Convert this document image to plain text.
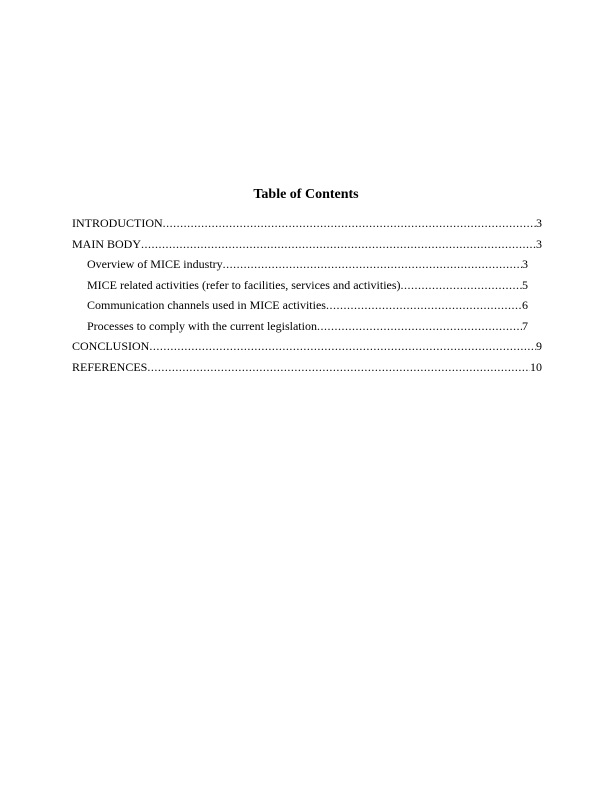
Table of Contents
INTRODUCTION .....	3
MAIN BODY .....	3
Overview of MICE industry .....	3
MICE related activities (refer to facilities, services and activities) .....	5
Communication channels used in MICE activities .....	6
Processes to comply with the current legislation .....	7
CONCLUSION .....	9
REFERENCES .....	10
